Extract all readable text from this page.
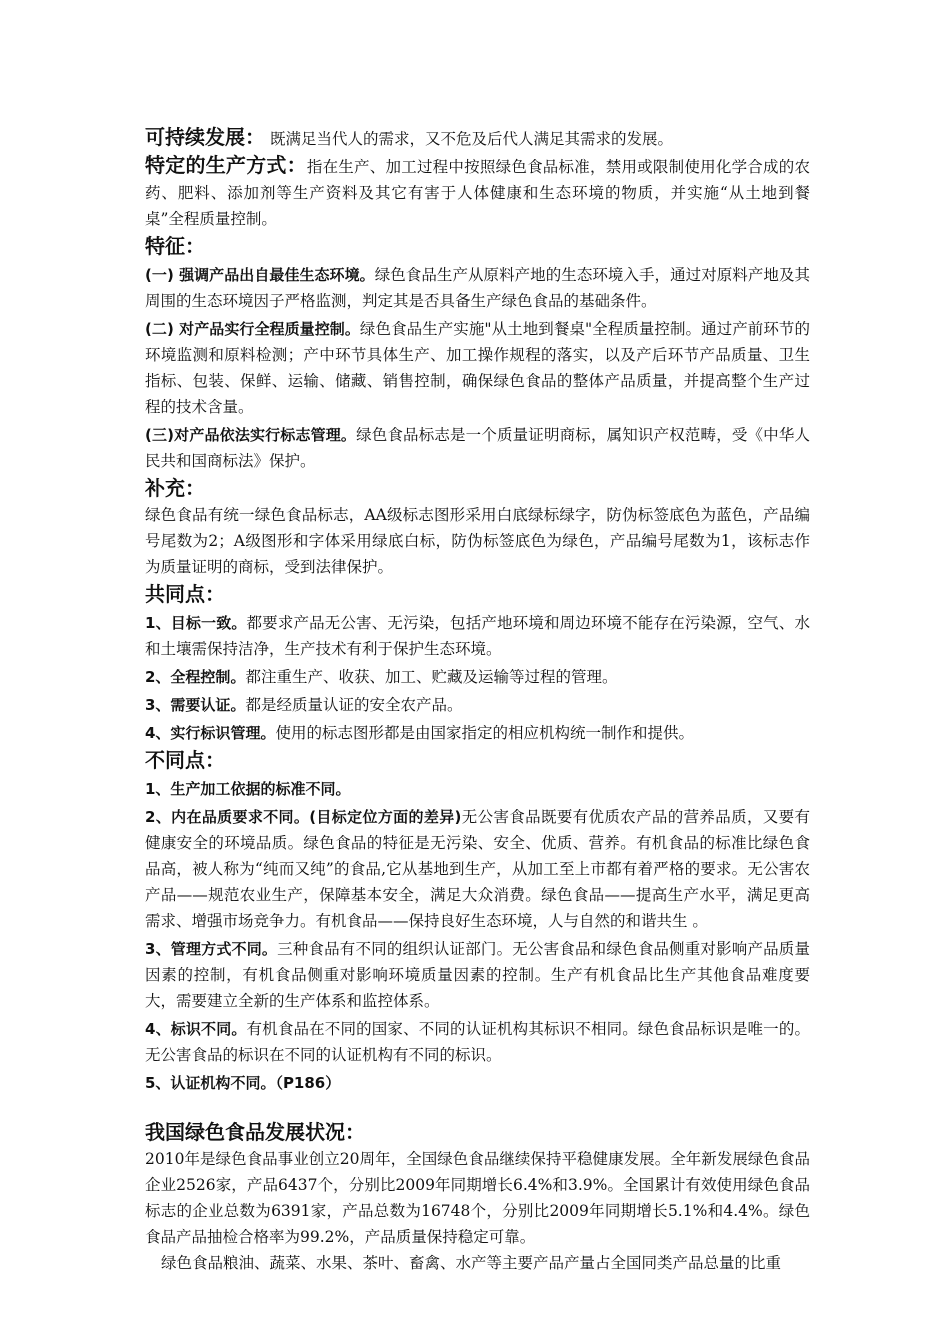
可持续发展： 既满足当代人的需求，又不危及后代人满足其需求的发展。

特定的生产方式：指在生产、加工过程中按照绿色食品标准，禁用或限制使用化学合成的农药、肥料、添加剂等生产资料及其它有害于人体健康和生态环境的物质，并实施“从土地到餐桌”全程质量控制。

特征：

(一) 强调产品出自最佳生态环境。绿色食品生产从原料产地的生态环境入手，通过对原料产地及其周围的生态环境因子严格监测，判定其是否具备生产绿色食品的基础条件。

(二) 对产品实行全程质量控制。绿色食品生产实施"从土地到餐桌"全程质量控制。通过产前环节的环境监测和原料检测；产中环节具体生产、加工操作规程的落实，以及产后环节产品质量、卫生指标、包装、保鲜、运输、储藏、销售控制，确保绿色食品的整体产品质量，并提高整个生产过程的技术含量。

(三)对产品依法实行标志管理。绿色食品标志是一个质量证明商标，属知识产权范畴，受《中华人民共和国商标法》保护。

补充：

绿色食品有统一绿色食品标志，AA级标志图形采用白底绿标绿字，防伪标签底色为蓝色，产品编号尾数为2；A级图形和字体采用绿底白标，防伪标签底色为绿色，产品编号尾数为1，该标志作为质量证明的商标，受到法律保护。

共同点：

1、目标一致。都要求产品无公害、无污染，包括产地环境和周边环境不能存在污染源，空气、水和土壤需保持洁净，生产技术有利于保护生态环境。

2、全程控制。都注重生产、收获、加工、贮藏及运输等过程的管理。

3、需要认证。都是经质量认证的安全农产品。

4、实行标识管理。使用的标志图形都是由国家指定的相应机构统一制作和提供。

不同点：

1、生产加工依据的标准不同。

2、内在品质要求不同。(目标定位方面的差异)无公害食品既要有优质农产品的营养品质，又要有健康安全的环境品质。绿色食品的特征是无污染、安全、优质、营养。有机食品的标准比绿色食品高，被人称为“纯而又纯”的食品,它从基地到生产，从加工至上市都有着严格的要求。无公害农产品——规范农业生产，保障基本安全，满足大众消费。绿色食品——提高生产水平，满足更高需求、增强市场竞争力。有机食品——保持良好生态环境，人与自然的和谐共生 。

3、管理方式不同。三种食品有不同的组织认证部门。无公害食品和绿色食品侧重对影响产品质量因素的控制，有机食品侧重对影响环境质量因素的控制。生产有机食品比生产其他食品难度要大，需要建立全新的生产体系和监控体系。

4、标识不同。有机食品在不同的国家、不同的认证机构其标识不相同。绿色食品标识是唯一的。无公害食品的标识在不同的认证机构有不同的标识。

5、认证机构不同。（P186）

我国绿色食品发展状况：

2010年是绿色食品事业创立20周年，全国绿色食品继续保持平稳健康发展。全年新发展绿色食品企业2526家，产品6437个，分别比2009年同期增长6.4%和3.9%。全国累计有效使用绿色食品标志的企业总数为6391家，产品总数为16748个，分别比2009年同期增长5.1%和4.4%。绿色食品产品抽检合格率为99.2%，产品质量保持稳定可靠。

绿色食品粮油、蔬菜、水果、茶叶、畜禽、水产等主要产品产量占全国同类产品总量的比重
